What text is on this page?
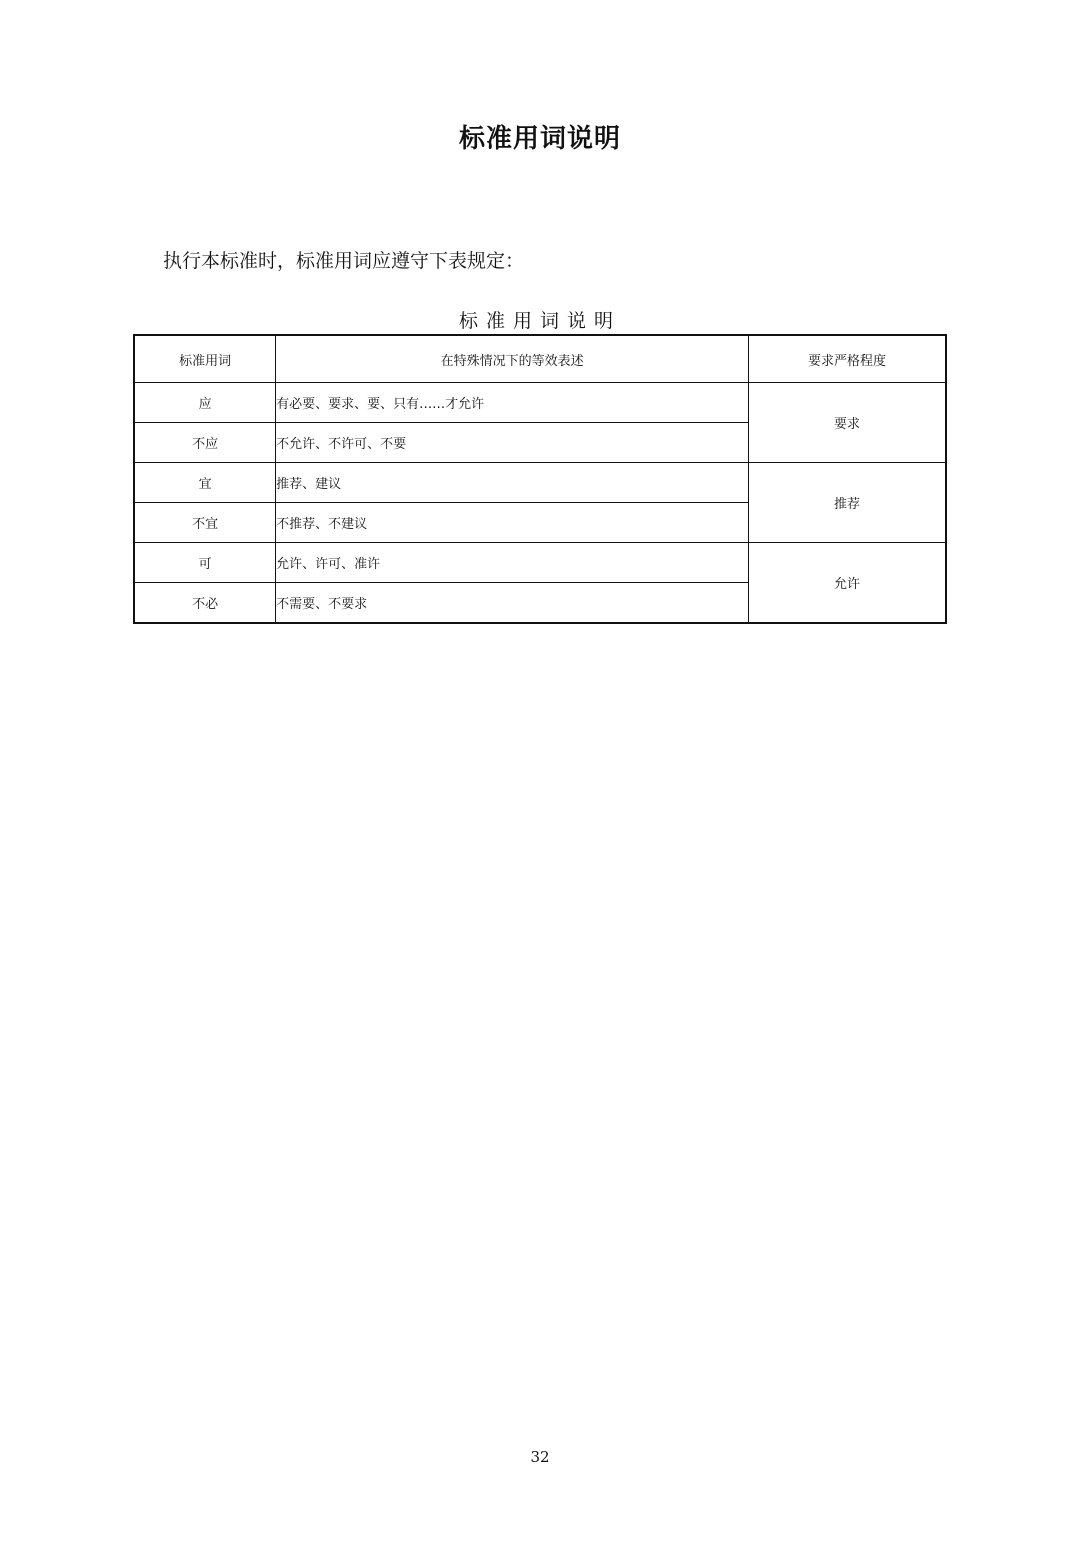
标准用词说明
执行本标准时，标准用词应遵守下表规定：
标准用词说明
标准用词	在特殊情况下的等效表述	要求严格程度
应	有必要、要求、要、只有……才允许	要求
不应	不允许、不许可、不要	
宜	推荐、建议	推荐
不宜	不推荐、不建议	
可	允许、许可、准许	允许
不必	不需要、不要求	
32
